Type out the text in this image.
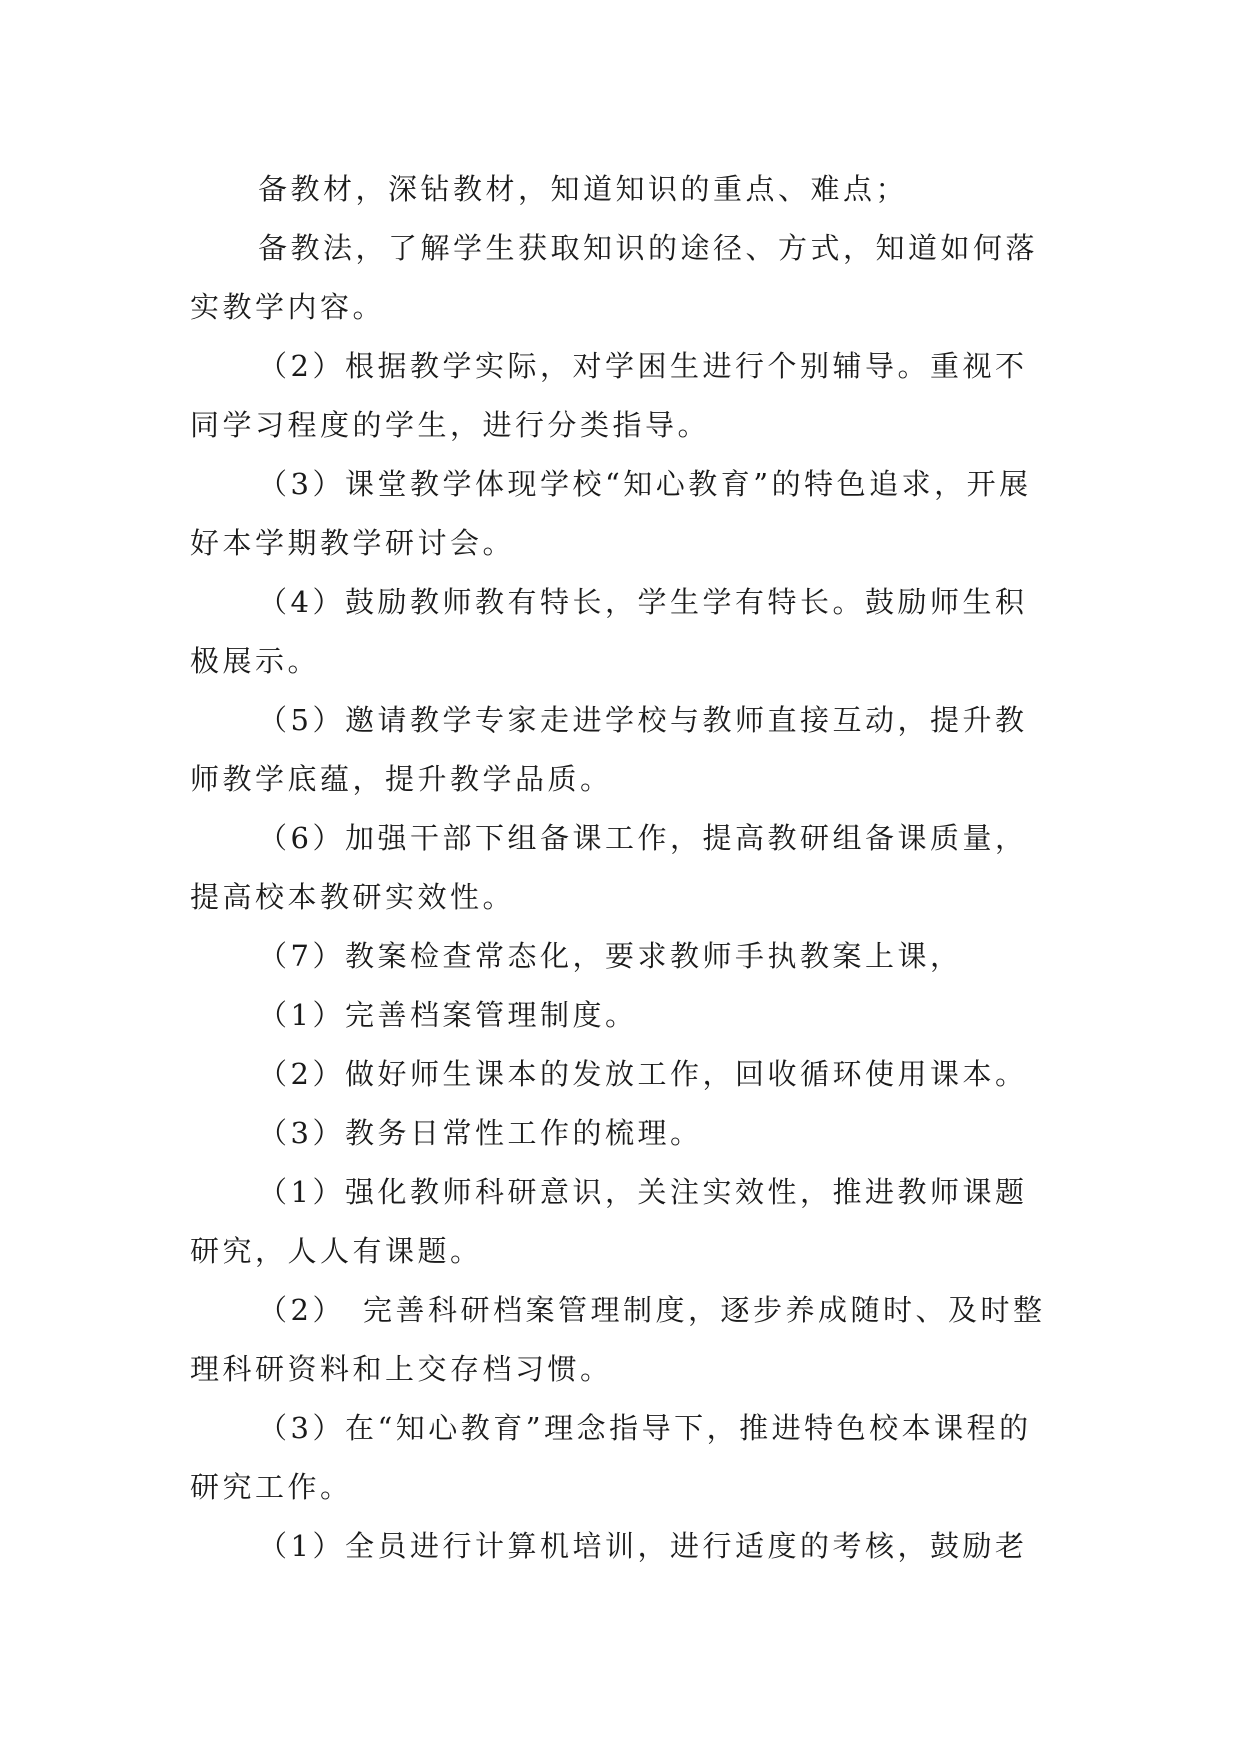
备教材，深钻教材，知道知识的重点、难点；

备教法，了解学生获取知识的途径、方式，知道如何落实教学内容。

（2）根据教学实际，对学困生进行个别辅导。重视不同学习程度的学生，进行分类指导。

（3）课堂教学体现学校“知心教育”的特色追求，开展好本学期教学研讨会。

（4）鼓励教师教有特长，学生学有特长。鼓励师生积极展示。

（5）邀请教学专家走进学校与教师直接互动，提升教师教学底蕴，提升教学品质。

（6）加强干部下组备课工作，提高教研组备课质量，提高校本教研实效性。

（7）教案检查常态化，要求教师手执教案上课，

（1）完善档案管理制度。

（2）做好师生课本的发放工作，回收循环使用课本。

（3）教务日常性工作的梳理。

（1）强化教师科研意识，关注实效性，推进教师课题研究，人人有课题。

（2）　完善科研档案管理制度，逐步养成随时、及时整理科研资料和上交存档习惯。

（3）在“知心教育”理念指导下，推进特色校本课程的研究工作。

（1）全员进行计算机培训，进行适度的考核，鼓励老
